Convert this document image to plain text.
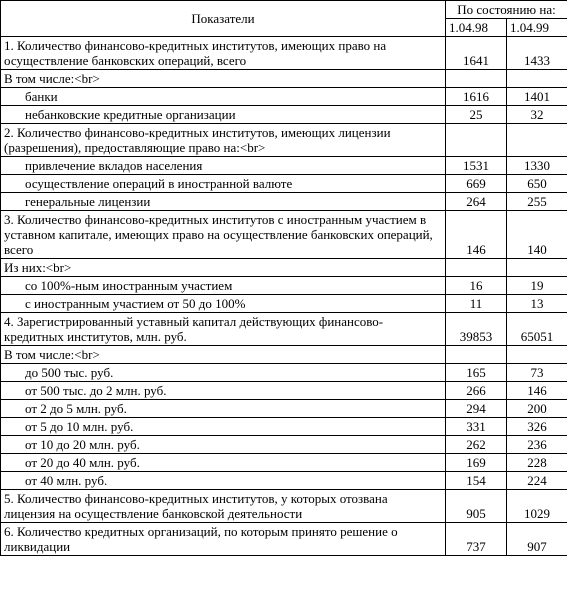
Показатели	По состоянию на:	
	1.04.98	1.04.99
1. Количество финансово-кредитных институтов, имеющих право на осуществление банковских операций, всего	1641	1433
В том числе:<br>		
банки	1616	1401
небанковские кредитные организации	25	32
2. Количество финансово-кредитных институтов, имеющих лицензии (разрешения), предоставляющие право на:<br>		
привлечение вкладов населения	1531	1330
осуществление операций в иностранной валюте	669	650
генеральные лицензии	264	255
3. Количество финансово-кредитных институтов с иностранным участием в уставном капитале, имеющих право на осуществление банковских операций, всего	146	140
Из них:<br>		
со 100%-ным иностранным участием	16	19
с иностранным участием от 50 до 100%	11	13
4. Зарегистрированный уставный капитал действующих финансово-кредитных институтов, млн. руб.	39853	65051
В том числе:<br>		
до 500 тыс. руб.	165	73
от 500 тыс. до 2 млн. руб.	266	146
от 2 до 5 млн. руб.	294	200
от 5 до 10 млн. руб.	331	326
от 10 до 20 млн. руб.	262	236
от 20 до 40 млн. руб.	169	228
от 40 млн. руб.	154	224
5. Количество финансово-кредитных институтов, у которых отозвана лицензия на осуществление банковской деятельности	905	1029
6. Количество кредитных организаций, по которым принято решение о ликвидации	737	907
